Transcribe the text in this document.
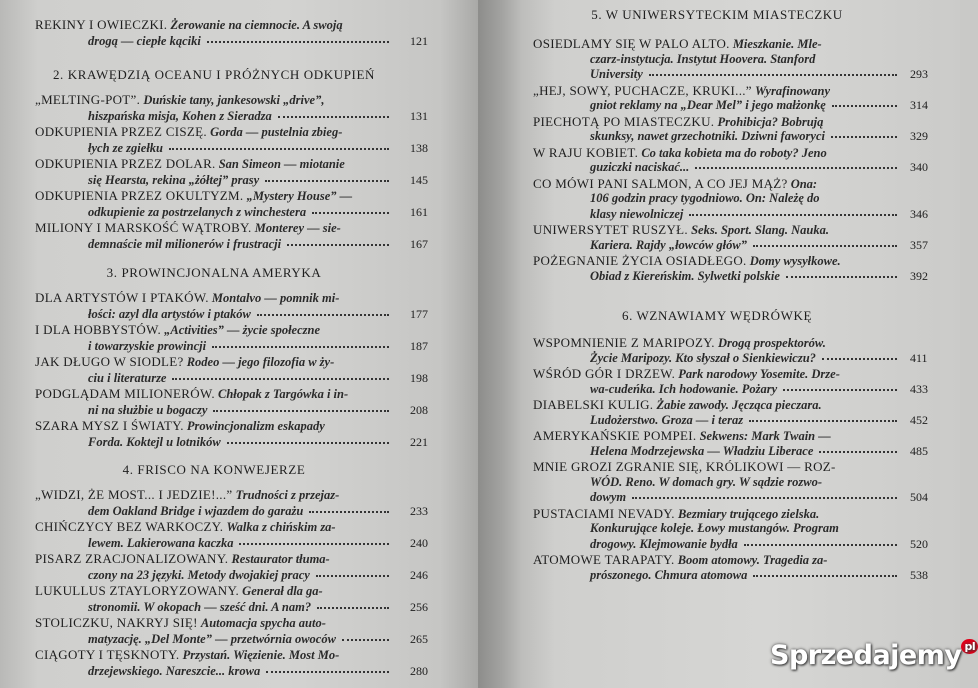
REKINY I OWIECZKI. Żerowanie na ciemnocie. A swoją
drogą — ciepłe kąciki	121
2. KRAWĘDZIĄ OCEANU I PRÓŻNYCH ODKUPIEŃ
„MELTING-POT”. Duńskie tany, jankesowski „drive”,
hiszpańska misja, Kohen z Sieradza	131
ODKUPIENIA PRZEZ CISZĘ. Gorda — pustelnia zbieg-
łych ze zgiełku	138
ODKUPIENIA PRZEZ DOLAR. San Simeon — miotanie
się Hearsta, rekina „żółtej” prasy	145
ODKUPIENIA PRZEZ OKULTYZM. „Mystery House” —
odkupienie za postrzelanych z winchestera	161
MILIONY I MARSKOŚĆ WĄTROBY. Monterey — sie-
demnaście mil milionerów i frustracji	167
3. PROWINCJONALNA AMERYKA
DLA ARTYSTÓW I PTAKÓW. Montalvo — pomnik mi-
łości: azyl dla artystów i ptaków	177
I DLA HOBBYSTÓW. „Activities” — życie społeczne
i towarzyskie prowincji	187
JAK DŁUGO W SIODLE? Rodeo — jego filozofia w ży-
ciu i literaturze	198
PODGLĄDAM MILIONERÓW. Chłopak z Targówka i in-
ni na służbie u bogaczy	208
SZARA MYSZ I ŚWIATY. Prowincjonalizm eskapady
Forda. Koktejl u lotników	221
4. FRISCO NA KONWEJERZE
„WIDZI, ŻE MOST... I JEDZIE!...” Trudności z przejaz-
dem Oakland Bridge i wjazdem do garażu	233
CHIŃCZYCY BEZ WARKOCZY. Walka z chińskim za-
lewem. Lakierowana kaczka	240
PISARZ ZRACJONALIZOWANY. Restaurator tłuma-
czony na 23 języki. Metody dwojakiej pracy	246
LUKULLUS ZTAYLORYZOWANY. Generał dla ga-
stronomii. W okopach — sześć dni. A nam?	256
STOLICZKU, NAKRYJ SIĘ! Automacja spycha auto-
matyzację. „Del Monte” — przetwórnia owoców	265
CIĄGOTY I TĘSKNOTY. Przystań. Więzienie. Most Mo-
drzejewskiego. Nareszcie... krowa	280
5. W UNIWERSYTECKIM MIASTECZKU
OSIEDLAMY SIĘ W PALO ALTO. Mieszkanie. Mle-
czarz-instytucja. Instytut Hoovera. Stanford
University	293
„HEJ, SOWY, PUCHACZE, KRUKI...” Wyrafinowany
gniot reklamy na „Dear Mel” i jego małżonkę	314
PIECHOTĄ PO MIASTECZKU. Prohibicja? Bobrują
skunksy, nawet grzechotniki. Dziwni faworyci	329
W RAJU KOBIET. Co taka kobieta ma do roboty? Jeno
guziczki naciskać...	340
CO MÓWI PANI SALMON, A CO JEJ MĄŻ? Ona:
106 godzin pracy tygodniowo. On: Należę do
klasy niewolniczej	346
UNIWERSYTET RUSZYŁ. Seks. Sport. Slang. Nauka.
Kariera. Rajdy „łowców głów”	357
POŻEGNANIE ŻYCIA OSIADŁEGO. Domy wysyłkowe.
Obiad z Kiereńskim. Sylwetki polskie	392
6. WZNAWIAMY WĘDRÓWKĘ
WSPOMNIENIE Z MARIPOZY. Drogą prospektorów.
Życie Maripozy. Kto słyszał o Sienkiewiczu?	411
WŚRÓD GÓR I DRZEW. Park narodowy Yosemite. Drze-
wa-cudeńka. Ich hodowanie. Pożary	433
DIABELSKI KULIG. Żabie zawody. Jęcząca pieczara.
Ludożerstwo. Groza — i teraz	452
AMERYKAŃSKIE POMPEI. Sekwens: Mark Twain —
Helena Modrzejewska — Władziu Liberace	485
MNIE GROZI ZGRANIE SIĘ, KRÓLIKOWI — ROZ-
WÓD. Reno. W domach gry. W sądzie rozwo-
dowym	504
PUSTACIAMI NEVADY. Bezmiary trującego zielska.
Konkurujące koleje. Łowy mustangów. Program
drogowy. Klejmowanie bydła	520
ATOMOWE TARAPATY. Boom atomowy. Tragedia za-
prószonego. Chmura atomowa	538
Sprzedajemy $^{pl}$
